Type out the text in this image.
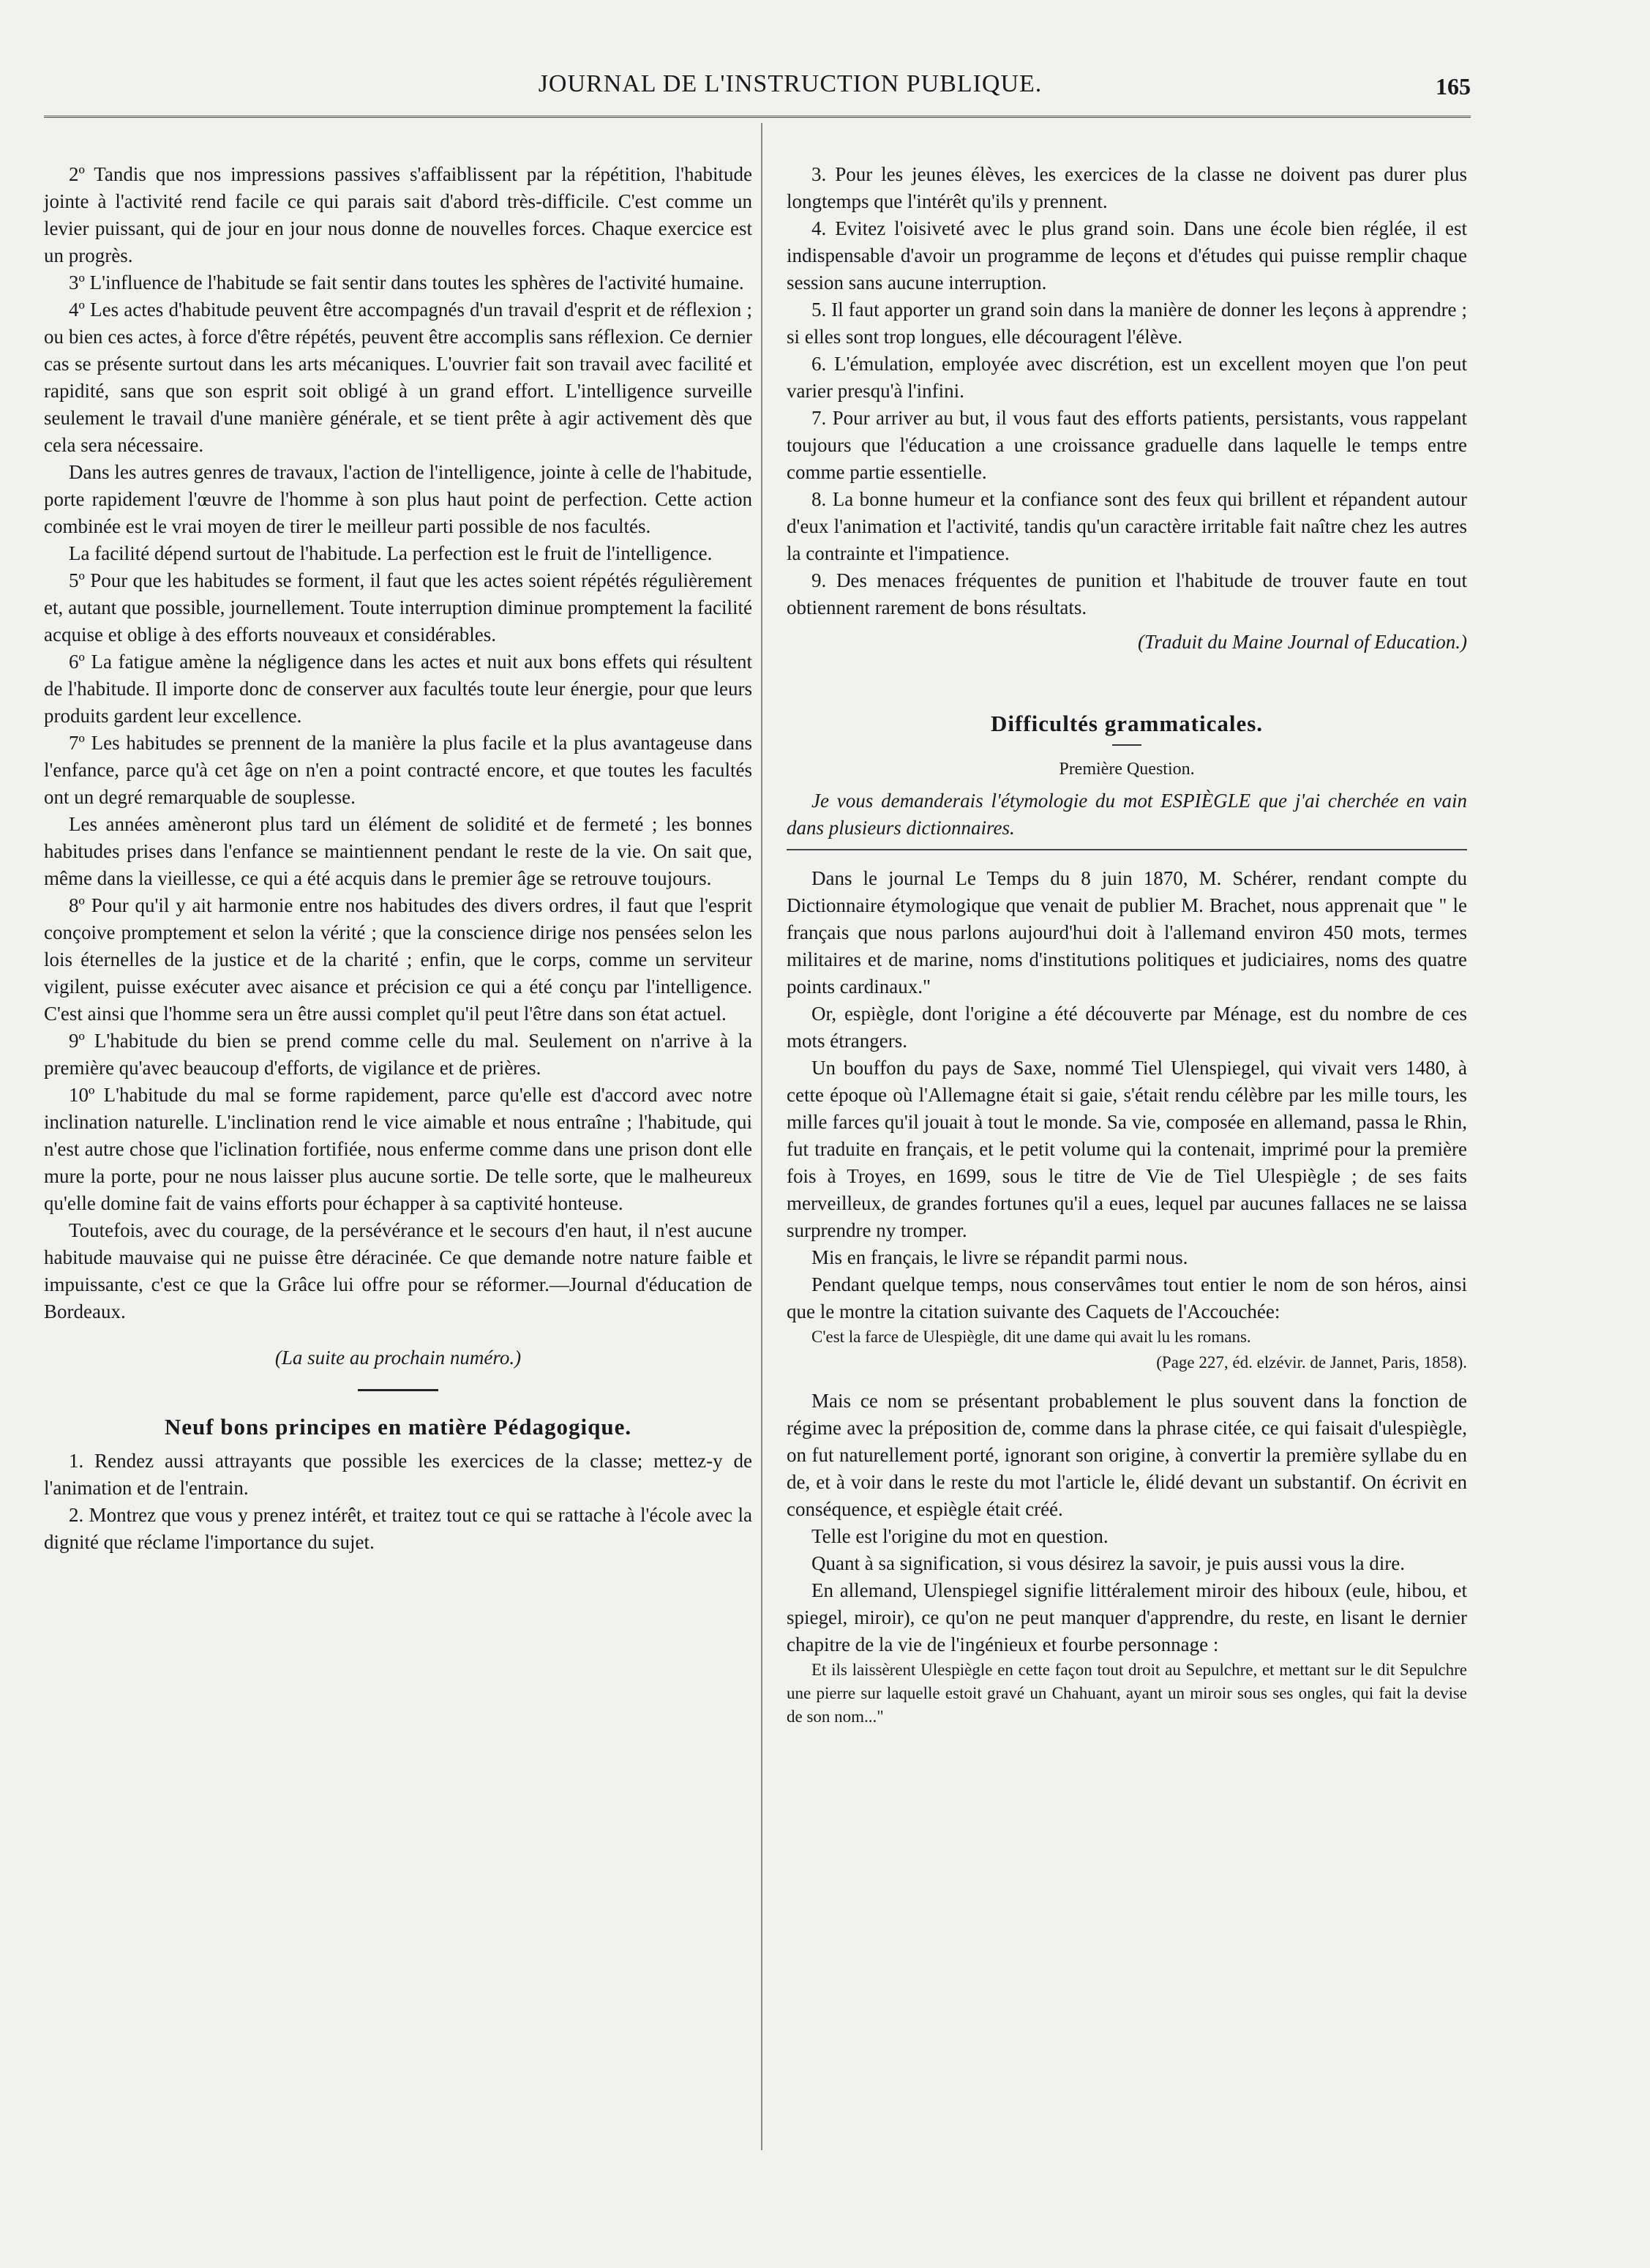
JOURNAL DE L'INSTRUCTION PUBLIQUE.	165

2º Tandis que nos impressions passives s'affaiblissent par la répétition, l'habitude jointe à l'activité rend facile ce qui parais sait d'abord très-difficile. C'est comme un levier puissant, qui de jour en jour nous donne de nouvelles forces. Chaque exercice est un progrès.

3º L'influence de l'habitude se fait sentir dans toutes les sphères de l'activité humaine.

4º Les actes d'habitude peuvent être accompagnés d'un travail d'esprit et de réflexion ; ou bien ces actes, à force d'être répétés, peuvent être accomplis sans réflexion. Ce dernier cas se présente surtout dans les arts mécaniques. L'ouvrier fait son travail avec facilité et rapidité, sans que son esprit soit obligé à un grand effort. L'intelligence surveille seulement le travail d'une manière générale, et se tient prête à agir activement dès que cela sera nécessaire.

Dans les autres genres de travaux, l'action de l'intelligence, jointe à celle de l'habitude, porte rapidement l'œuvre de l'homme à son plus haut point de perfection. Cette action combinée est le vrai moyen de tirer le meilleur parti possible de nos facultés.

La facilité dépend surtout de l'habitude. La perfection est le fruit de l'intelligence.

5º Pour que les habitudes se forment, il faut que les actes soient répétés régulièrement et, autant que possible, journellement. Toute interruption diminue promptement la facilité acquise et oblige à des efforts nouveaux et considérables.

6º La fatigue amène la négligence dans les actes et nuit aux bons effets qui résultent de l'habitude. Il importe donc de conserver aux facultés toute leur énergie, pour que leurs produits gardent leur excellence.

7º Les habitudes se prennent de la manière la plus facile et la plus avantageuse dans l'enfance, parce qu'à cet âge on n'en a point contracté encore, et que toutes les facultés ont un degré remarquable de souplesse.

Les années amèneront plus tard un élément de solidité et de fermeté ; les bonnes habitudes prises dans l'enfance se maintiennent pendant le reste de la vie. On sait que, même dans la vieillesse, ce qui a été acquis dans le premier âge se retrouve toujours.

8º Pour qu'il y ait harmonie entre nos habitudes des divers ordres, il faut que l'esprit conçoive promptement et selon la vérité ; que la conscience dirige nos pensées selon les lois éternelles de la justice et de la charité ; enfin, que le corps, comme un serviteur vigilent, puisse exécuter avec aisance et précision ce qui a été conçu par l'intelligence. C'est ainsi que l'homme sera un être aussi complet qu'il peut l'être dans son état actuel.

9º L'habitude du bien se prend comme celle du mal. Seulement on n'arrive à la première qu'avec beaucoup d'efforts, de vigilance et de prières.

10º L'habitude du mal se forme rapidement, parce qu'elle est d'accord avec notre inclination naturelle. L'inclination rend le vice aimable et nous entraîne ; l'habitude, qui n'est autre chose que l'iclination fortifiée, nous enferme comme dans une prison dont elle mure la porte, pour ne nous laisser plus aucune sortie. De telle sorte, que le malheureux qu'elle domine fait de vains efforts pour échapper à sa captivité honteuse.

Toutefois, avec du courage, de la persévérance et le secours d'en haut, il n'est aucune habitude mauvaise qui ne puisse être déracinée. Ce que demande notre nature faible et impuissante, c'est ce que la Grâce lui offre pour se réformer.—Journal d'éducation de Bordeaux.

(La suite au prochain numéro.)

Neuf bons principes en matière Pédagogique.

1. Rendez aussi attrayants que possible les exercices de la classe; mettez-y de l'animation et de l'entrain.

2. Montrez que vous y prenez intérêt, et traitez tout ce qui se rattache à l'école avec la dignité que réclame l'importance du sujet.

3. Pour les jeunes élèves, les exercices de la classe ne doivent pas durer plus longtemps que l'intérêt qu'ils y prennent.

4. Evitez l'oisiveté avec le plus grand soin. Dans une école bien réglée, il est indispensable d'avoir un programme de leçons et d'études qui puisse remplir chaque session sans aucune interruption.

5. Il faut apporter un grand soin dans la manière de donner les leçons à apprendre ; si elles sont trop longues, elle découragent l'élève.

6. L'émulation, employée avec discrétion, est un excellent moyen que l'on peut varier presqu'à l'infini.

7. Pour arriver au but, il vous faut des efforts patients, persistants, vous rappelant toujours que l'éducation a une croissance graduelle dans laquelle le temps entre comme partie essentielle.

8. La bonne humeur et la confiance sont des feux qui brillent et répandent autour d'eux l'animation et l'activité, tandis qu'un caractère irritable fait naître chez les autres la contrainte et l'impatience.

9. Des menaces fréquentes de punition et l'habitude de trouver faute en tout obtiennent rarement de bons résultats.

(Traduit du Maine Journal of Education.)

Difficultés grammaticales.
Première Question.

Je vous demanderais l'étymologie du mot ESPIÈGLE que j'ai cherchée en vain dans plusieurs dictionnaires.

Dans le journal Le Temps du 8 juin 1870, M. Schérer, rendant compte du Dictionnaire étymologique que venait de publier M. Brachet, nous apprenait que " le français que nous parlons aujourd'hui doit à l'allemand environ 450 mots, termes militaires et de marine, noms d'institutions politiques et judiciaires, noms des quatre points cardinaux."

Or, espiègle, dont l'origine a été découverte par Ménage, est du nombre de ces mots étrangers.

Un bouffon du pays de Saxe, nommé Tiel Ulenspiegel, qui vivait vers 1480, à cette époque où l'Allemagne était si gaie, s'était rendu célèbre par les mille tours, les mille farces qu'il jouait à tout le monde. Sa vie, composée en allemand, passa le Rhin, fut traduite en français, et le petit volume qui la contenait, imprimé pour la première fois à Troyes, en 1699, sous le titre de Vie de Tiel Ulespiègle ; de ses faits merveilleux, de grandes fortunes qu'il a eues, lequel par aucunes fallaces ne se laissa surprendre ny tromper.

Mis en français, le livre se répandit parmi nous.

Pendant quelque temps, nous conservâmes tout entier le nom de son héros, ainsi que le montre la citation suivante des Caquets de l'Accouchée:

C'est la farce de Ulespiègle, dit une dame qui avait lu les romans.

(Page 227, éd. elzévir. de Jannet, Paris, 1858).

Mais ce nom se présentant probablement le plus souvent dans la fonction de régime avec la préposition de, comme dans la phrase citée, ce qui faisait d'ulespiègle, on fut naturellement porté, ignorant son origine, à convertir la première syllabe du en de, et à voir dans le reste du mot l'article le, élidé devant un substantif. On écrivit en conséquence, et espiègle était créé.

Telle est l'origine du mot en question.

Quant à sa signification, si vous désirez la savoir, je puis aussi vous la dire.

En allemand, Ulenspiegel signifie littéralement miroir des hiboux (eule, hibou, et spiegel, miroir), ce qu'on ne peut manquer d'apprendre, du reste, en lisant le dernier chapitre de la vie de l'ingénieux et fourbe personnage :

Et ils laissèrent Ulespiègle en cette façon tout droit au Sepulchre, et mettant sur le dit Sepulchre une pierre sur laquelle estoit gravé un Chahuant, ayant un miroir sous ses ongles, qui fait la devise de son nom..."
